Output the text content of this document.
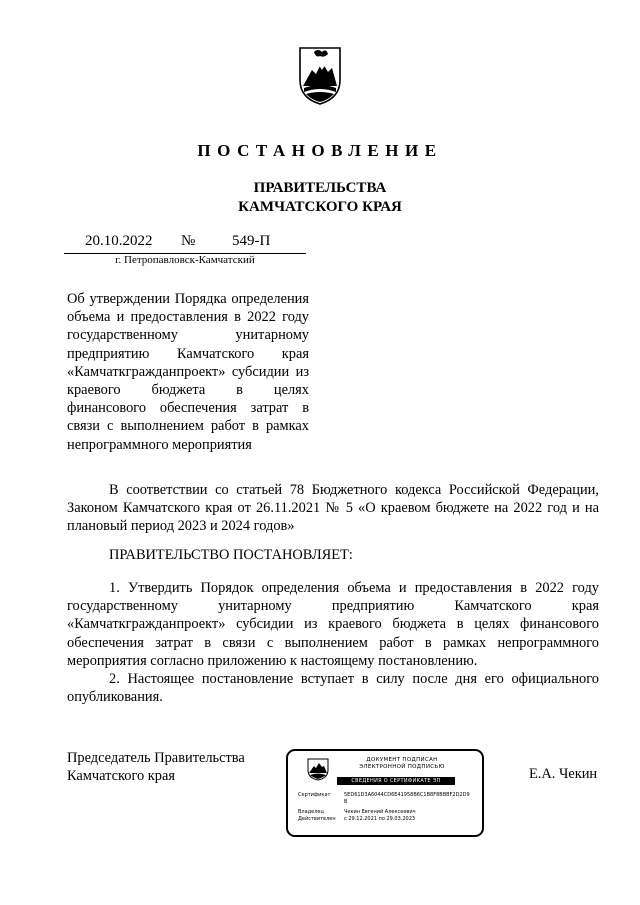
ПОСТАНОВЛЕНИЕ
ПРАВИТЕЛЬСТВА
КАМЧАТСКОГО КРАЯ
20.10.2022 № 549-П
г. Петропавловск-Камчатский
Об утверждении Порядка определения объема и предоставления в 2022 году государственному унитарному предприятию Камчатского края «Камчаткгражданпроект» субсидии из краевого бюджета в целях финансового обеспечения затрат в связи с выполнением работ в рамках непрограммного мероприятия
В соответствии со статьей 78 Бюджетного кодекса Российской Федерации, Законом Камчатского края от 26.11.2021 № 5 «О краевом бюджете на 2022 год и на плановый период 2023 и 2024 годов»
ПРАВИТЕЛЬСТВО ПОСТАНОВЛЯЕТ:
1. Утвердить Порядок определения объема и предоставления в 2022 году государственному унитарному предприятию Камчатского края «Камчаткгражданпроект» субсидии из краевого бюджета в целях финансового обеспечения затрат в связи с выполнением работ в рамках непрограммного мероприятия согласно приложению к настоящему постановлению.
2. Настоящее постановление вступает в силу после дня его официального опубликования.
Председатель Правительства
Камчатского края
ДОКУМЕНТ ПОДПИСАН
ЭЛЕКТРОННОЙ ПОДПИСЬЮ
СВЕДЕНИЯ О СЕРТИФИКАТЕ ЭП
Сертификат	5ED61D3A6044CD6E41958B6C1B8F8BBBF2D2D9B
Владелец	Чекин Евгений Алексеевич
Действителен с 29.12.2021 по 29.03.2023
Е.А. Чекин
